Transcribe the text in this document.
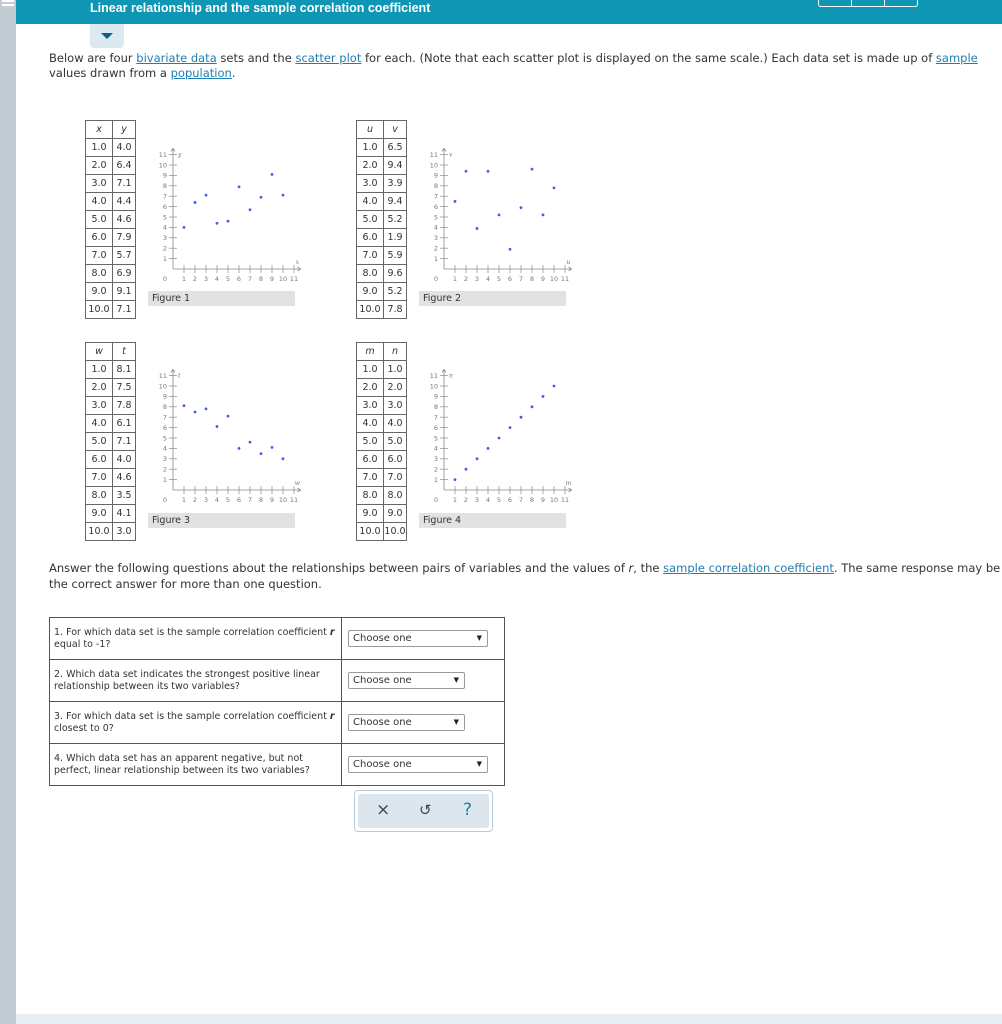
Linear relationship and the sample correlation coefficient
Below are four bivariate data sets and the scatter plot for each. (Note that each scatter plot is displayed on the same scale.) Each data set is made up of sample values drawn from a population.
x	y
1.0	4.0
2.0	6.4
3.0	7.1
4.0	4.4
5.0	4.6
6.0	7.9
7.0	5.7
8.0	6.9
9.0	9.1
10.0	7.1
u	v
1.0	6.5
2.0	9.4
3.0	3.9
4.0	9.4
5.0	5.2
6.0	1.9
7.0	5.9
8.0	9.6
9.0	5.2
10.0	7.8
w	t
1.0	8.1
2.0	7.5
3.0	7.8
4.0	6.1
5.0	7.1
6.0	4.0
7.0	4.6
8.0	3.5
9.0	4.1
10.0	3.0
m	n
1.0	1.0
2.0	2.0
3.0	3.0
4.0	4.0
5.0	5.0
6.0	6.0
7.0	7.0
8.0	8.0
9.0	9.0
10.0	10.0
1 2 3 4 5 6 7 8 9 10 11
1
2
3
4
5
6
7
8
9
10
11
0
x
y
1 2 3 4 5 6 7 8 9 10 11
1
2
3
4
5
6
7
8
9
10
11
0
u
v
1 2 3 4 5 6 7 8 9 10 11
1
2
3
4
5
6
7
8
9
10
11
0
w
t
1 2 3 4 5 6 7 8 9 10 11
1
2
3
4
5
6
7
8
9
10
11
0
m
n
Figure 1	Figure 2
Figure 3	Figure 4
Answer the following questions about the relationships between pairs of variables and the values of r, the sample correlation coefficient. The same response may be the correct answer for more than one question.
1. For which data set is the sample correlation coefficient r equal to -1?	Choose one ▼

2. Which data set indicates the strongest positive linear relationship between its two variables?	Choose one ▼

3. For which data set is the sample correlation coefficient r closest to 0?	Choose one ▼

4. Which data set has an apparent negative, but not perfect, linear relationship between its two variables?	Choose one ▼
× ↺ ?
